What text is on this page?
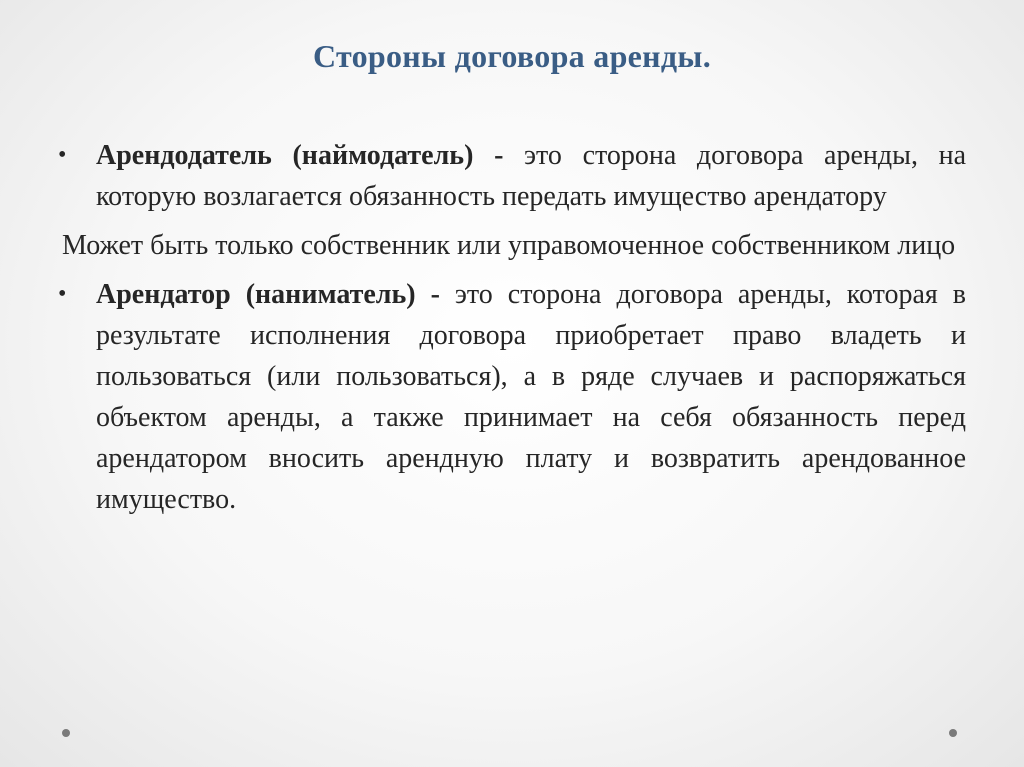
Стороны договора аренды.
• Арендодатель (наймодатель) - это сторона договора аренды, на которую возлагается обязанность передать имущество арендатору
Может быть только собственник или управомоченное собственником лицо
• Арендатор (наниматель) - это сторона договора аренды, которая в результате исполнения договора приобретает право владеть и пользоваться (или пользоваться), а в ряде случаев и распоряжаться объектом аренды, а также принимает на себя обязанность перед арендатором вносить арендную плату и возвратить арендованное имущество.
